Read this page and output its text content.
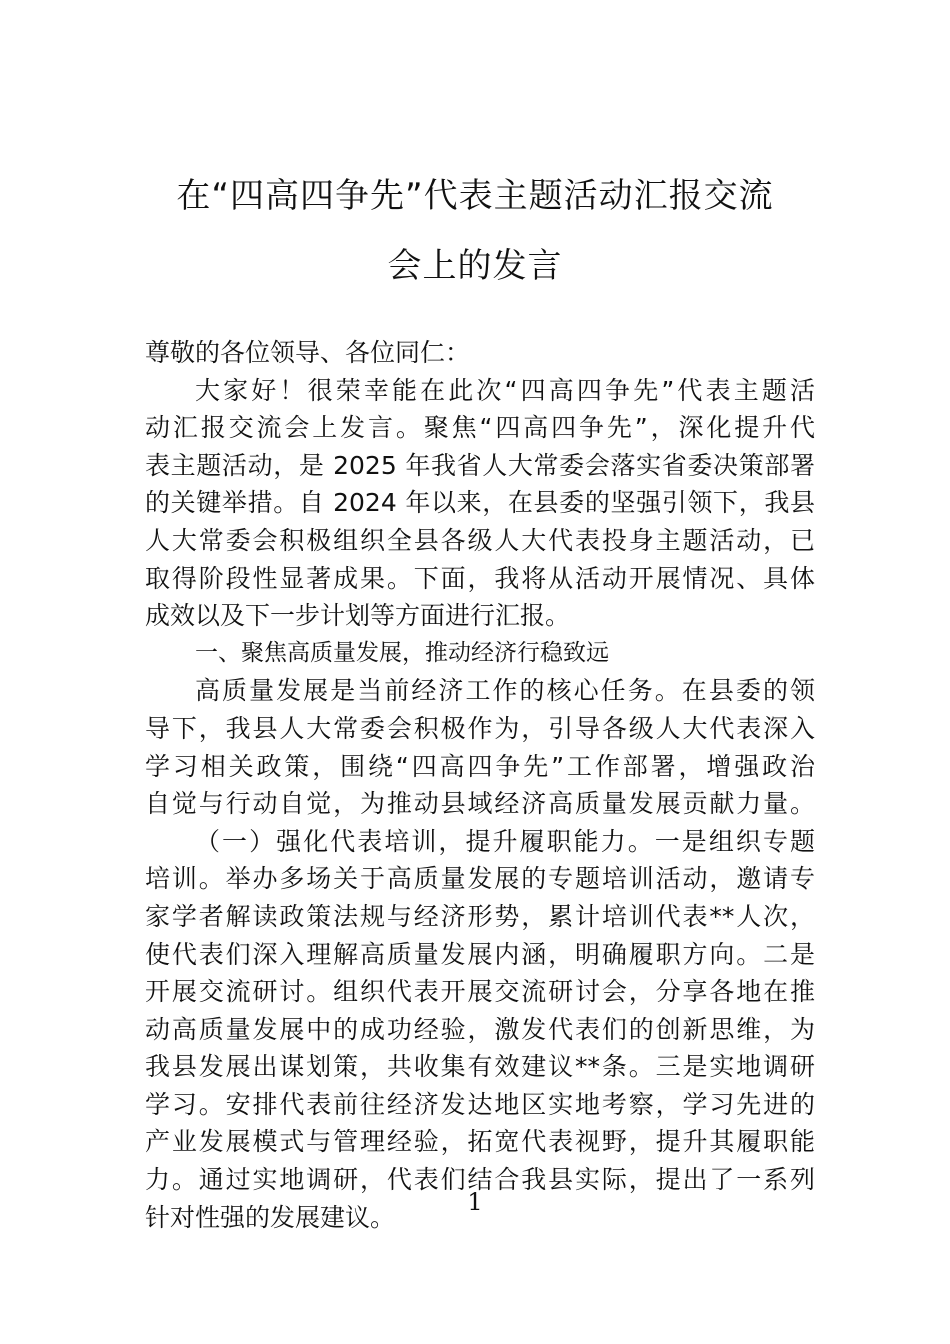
在“四高四争先”代表主题活动汇报交流
会上的发言
尊敬的各位领导、各位同仁：
大家好！很荣幸能在此次“四高四争先”代表主题活
动汇报交流会上发言。聚焦“四高四争先”，深化提升代
表主题活动，是 2025 年我省人大常委会落实省委决策部署
的关键举措。自 2024 年以来，在县委的坚强引领下，我县
人大常委会积极组织全县各级人大代表投身主题活动，已
取得阶段性显著成果。下面，我将从活动开展情况、具体
成效以及下一步计划等方面进行汇报。
一、聚焦高质量发展，推动经济行稳致远
高质量发展是当前经济工作的核心任务。在县委的领
导下，我县人大常委会积极作为，引导各级人大代表深入
学习相关政策，围绕“四高四争先”工作部署，增强政治
自觉与行动自觉，为推动县域经济高质量发展贡献力量。
（一）强化代表培训，提升履职能力。一是组织专题
培训。举办多场关于高质量发展的专题培训活动，邀请专
家学者解读政策法规与经济形势，累计培训代表**人次，
使代表们深入理解高质量发展内涵，明确履职方向。二是
开展交流研讨。组织代表开展交流研讨会，分享各地在推
动高质量发展中的成功经验，激发代表们的创新思维，为
我县发展出谋划策，共收集有效建议**条。三是实地调研
学习。安排代表前往经济发达地区实地考察，学习先进的
产业发展模式与管理经验，拓宽代表视野，提升其履职能
力。通过实地调研，代表们结合我县实际，提出了一系列
针对性强的发展建议。
1
